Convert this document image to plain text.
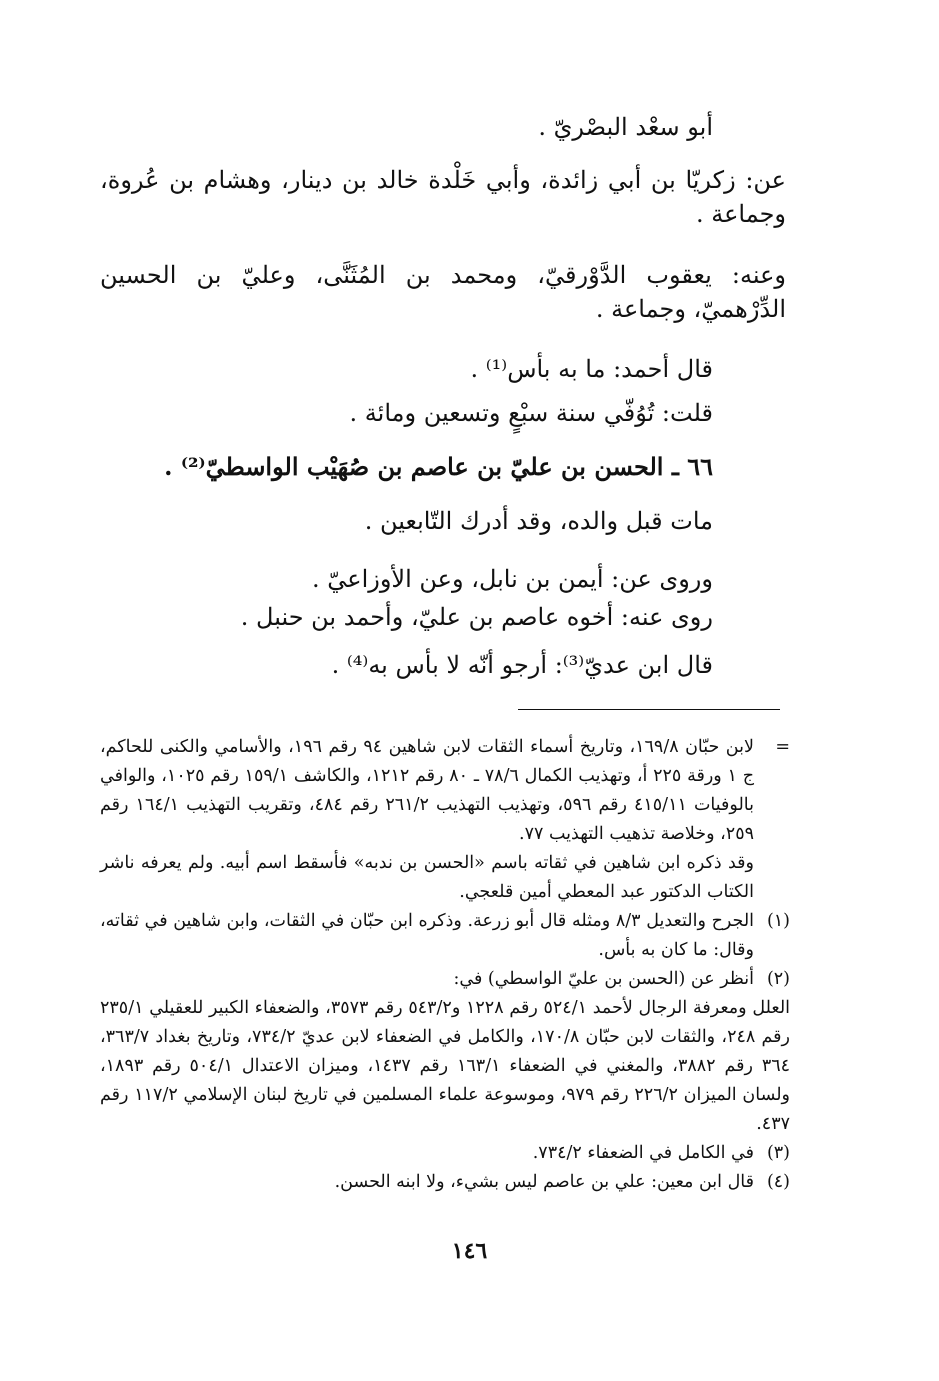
أبو سعْد البصْريّ .
عن: زكريّا بن أبي زائدة، وأبي خَلْدة خالد بن دينار، وهشام بن عُروة، وجماعة .
وعنه: يعقوب الدَّوْرقيّ، ومحمد بن المُثَنَّى، وعليّ بن الحسين الدِّرْهميّ، وجماعة .
قال أحمد: ما به بأس⁽¹⁾ .
قلت: تُوُفّي سنة سبْعٍ وتسعين ومائة .
٦٦ ـ الحسن بن عليّ بن عاصم بن صُهَيْب الواسطيّ⁽²⁾ .
مات قبل والده، وقد أدرك التّابعين .
وروى عن: أيمن بن نابل، وعن الأوزاعيّ .
روى عنه: أخوه عاصم بن عليّ، وأحمد بن حنبل .
قال ابن عديّ⁽³⁾: أرجو أنّه لا بأس به⁽⁴⁾ .
=
لابن حبّان ١٦٩/٨، وتاريخ أسماء الثقات لابن شاهين ٩٤ رقم ١٩٦، والأسامي والكنى للحاكم، ج ١ ورقة ٢٢٥ أ، وتهذيب الكمال ٧٨/٦ ـ ٨٠ رقم ١٢١٢، والكاشف ١٥٩/١ رقم ١٠٢٥، والوافي بالوفيات ٤١٥/١١ رقم ٥٩٦، وتهذيب التهذيب ٢٦١/٢ رقم ٤٨٤، وتقريب التهذيب ١٦٤/١ رقم ٢٥٩، وخلاصة تذهيب التهذيب ٧٧.
وقد ذكره ابن شاهين في ثقاته باسم «الحسن بن ندبه» فأسقط اسم أبيه. ولم يعرفه ناشر الكتاب الدكتور عبد المعطي أمين قلعجي.
(١)
الجرح والتعديل ٨/٣ ومثله قال أبو زرعة. وذكره ابن حبّان في الثقات، وابن شاهين في ثقاته، وقال: ما كان به بأس.
(٢)
أنظر عن (الحسن بن عليّ الواسطي) في:
العلل ومعرفة الرجال لأحمد ٥٢٤/١ رقم ١٢٢٨ و٥٤٣/٢ رقم ٣٥٧٣، والضعفاء الكبير للعقيلي ٢٣٥/١ رقم ٢٤٨، والثقات لابن حبّان ١٧٠/٨، والكامل في الضعفاء لابن عديّ ٧٣٤/٢، وتاريخ بغداد ٣٦٣/٧، ٣٦٤ رقم ٣٨٨٢، والمغني في الضعفاء ١٦٣/١ رقم ١٤٣٧، وميزان الاعتدال ٥٠٤/١ رقم ١٨٩٣، ولسان الميزان ٢٢٦/٢ رقم ٩٧٩، وموسوعة علماء المسلمين في تاريخ لبنان الإسلامي ١١٧/٢ رقم ٤٣٧.
(٣)
في الكامل في الضعفاء ٧٣٤/٢.
(٤)
قال ابن معين: علي بن عاصم ليس بشيء، ولا ابنه الحسن.
١٤٦
